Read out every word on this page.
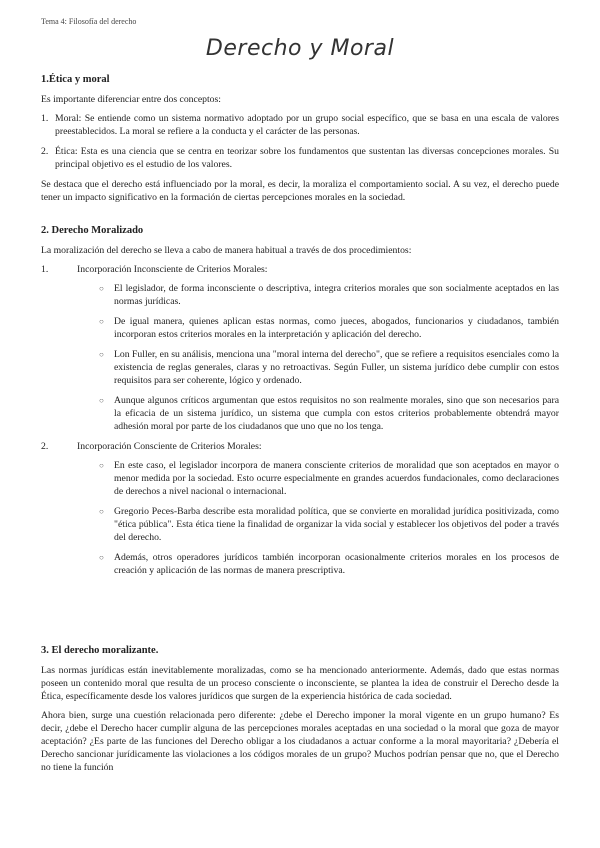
Tema 4: Filosofía del derecho
Derecho y Moral
1.Ética y moral

Es importante diferenciar entre dos conceptos:

1. Moral: Se entiende como un sistema normativo adoptado por un grupo social específico, que se basa en una escala de valores preestablecidos. La moral se refiere a la conducta y el carácter de las personas.
2. Ética: Esta es una ciencia que se centra en teorizar sobre los fundamentos que sustentan las diversas concepciones morales. Su principal objetivo es el estudio de los valores.

Se destaca que el derecho está influenciado por la moral, es decir, la moraliza el comportamiento social. A su vez, el derecho puede tener un impacto significativo en la formación de ciertas percepciones morales en la sociedad.

2. Derecho Moralizado

La moralización del derecho se lleva a cabo de manera habitual a través de dos procedimientos:

1.	Incorporación Inconsciente de Criterios Morales:
○ El legislador, de forma inconsciente o descriptiva, integra criterios morales que son socialmente aceptados en las normas jurídicas.
○ De igual manera, quienes aplican estas normas, como jueces, abogados, funcionarios y ciudadanos, también incorporan estos criterios morales en la interpretación y aplicación del derecho.
○ Lon Fuller, en su análisis, menciona una "moral interna del derecho", que se refiere a requisitos esenciales como la existencia de reglas generales, claras y no retroactivas. Según Fuller, un sistema jurídico debe cumplir con estos requisitos para ser coherente, lógico y ordenado.
○ Aunque algunos críticos argumentan que estos requisitos no son realmente morales, sino que son necesarios para la eficacia de un sistema jurídico, un sistema que cumpla con estos criterios probablemente obtendrá mayor adhesión moral por parte de los ciudadanos que uno que no los tenga.
2.	Incorporación Consciente de Criterios Morales:
○ En este caso, el legislador incorpora de manera consciente criterios de moralidad que son aceptados en mayor o menor medida por la sociedad. Esto ocurre especialmente en grandes acuerdos fundacionales, como declaraciones de derechos a nivel nacional o internacional.
○ Gregorio Peces-Barba describe esta moralidad política, que se convierte en moralidad jurídica positivizada, como "ética pública". Esta ética tiene la finalidad de organizar la vida social y establecer los objetivos del poder a través del derecho.
○ Además, otros operadores jurídicos también incorporan ocasionalmente criterios morales en los procesos de creación y aplicación de las normas de manera prescriptiva.
3. El derecho moralizante.

Las normas jurídicas están inevitablemente moralizadas, como se ha mencionado anteriormente. Además, dado que estas normas poseen un contenido moral que resulta de un proceso consciente o inconsciente, se plantea la idea de construir el Derecho desde la Ética, específicamente desde los valores jurídicos que surgen de la experiencia histórica de cada sociedad.

Ahora bien, surge una cuestión relacionada pero diferente: ¿debe el Derecho imponer la moral vigente en un grupo humano? Es decir, ¿debe el Derecho hacer cumplir alguna de las percepciones morales aceptadas en una sociedad o la moral que goza de mayor aceptación? ¿Es parte de las funciones del Derecho obligar a los ciudadanos a actuar conforme a la moral mayoritaria? ¿Debería el Derecho sancionar jurídicamente las violaciones a los códigos morales de un grupo? Muchos podrían pensar que no, que el Derecho no tiene la función
